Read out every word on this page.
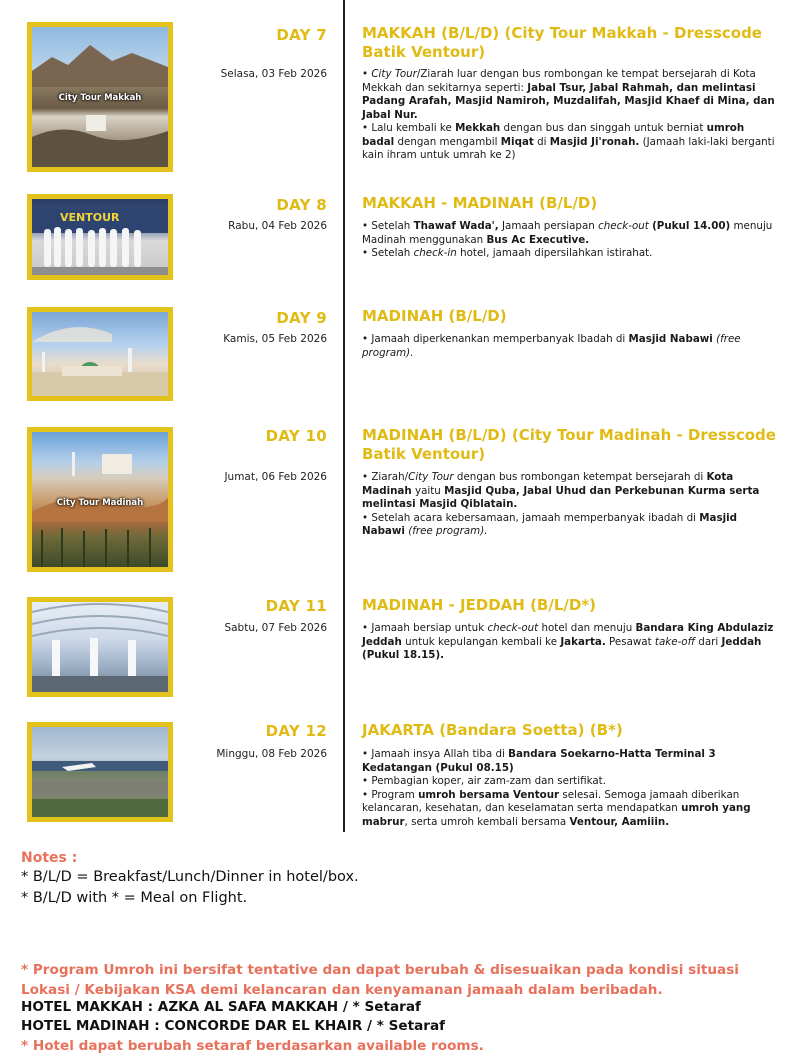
City Tour Makkah
DAY 7
Selasa, 03 Feb 2026
MAKKAH (B/L/D) (City Tour Makkah - Dresscode Batik Ventour)
• City Tour/Ziarah luar dengan bus rombongan ke tempat bersejarah di Kota Mekkah dan sekitarnya seperti: Jabal Tsur, Jabal Rahmah, dan melintasi Padang Arafah, Masjid Namiroh, Muzdalifah, Masjid Khaef di Mina, dan Jabal Nur.
• Lalu kembali ke Mekkah dengan bus dan singgah untuk berniat umroh badal dengan mengambil Miqat di Masjid Ji'ronah. (Jamaah laki-laki berganti kain ihram untuk umrah ke 2)
VENTOUR
DAY 8
Rabu, 04 Feb 2026
MAKKAH - MADINAH (B/L/D)
• Setelah Thawaf Wada', Jamaah persiapan check-out (Pukul 14.00) menuju Madinah menggunakan Bus Ac Executive.
• Setelah check-in hotel, jamaah dipersilahkan istirahat.
DAY 9
Kamis, 05 Feb 2026
MADINAH (B/L/D)
• Jamaah diperkenankan memperbanyak Ibadah di Masjid Nabawi (free program).
City Tour Madinah
DAY 10
Jumat, 06 Feb 2026
MADINAH (B/L/D) (City Tour Madinah - Dresscode Batik Ventour)
• Ziarah/City Tour dengan bus rombongan ketempat bersejarah di Kota Madinah yaitu Masjid Quba, Jabal Uhud dan Perkebunan Kurma serta melintasi Masjid Qiblatain.
• Setelah acara kebersamaan, jamaah memperbanyak ibadah di Masjid Nabawi (free program).
DAY 11
Sabtu, 07 Feb 2026
MADINAH - JEDDAH (B/L/D*)
• Jamaah bersiap untuk check-out hotel dan menuju Bandara King Abdulaziz Jeddah untuk kepulangan kembali ke Jakarta. Pesawat take-off dari Jeddah (Pukul 18.15).
DAY 12
Minggu, 08 Feb 2026
JAKARTA (Bandara Soetta) (B*)
• Jamaah insya Allah tiba di Bandara Soekarno-Hatta Terminal 3 Kedatangan (Pukul 08.15)
• Pembagian koper, air zam-zam dan sertifikat.
• Program umroh bersama Ventour selesai. Semoga jamaah diberikan kelancaran, kesehatan, dan keselamatan serta mendapatkan umroh yang mabrur, serta umroh kembali bersama Ventour, Aamiiin.
Notes :
* B/L/D = Breakfast/Lunch/Dinner in hotel/box.
* B/L/D with * = Meal on Flight.
* Program Umroh ini bersifat tentative dan dapat berubah & disesuaikan pada kondisi situasi Lokasi / Kebijakan KSA demi kelancaran dan kenyamanan jamaah dalam beribadah.
HOTEL MAKKAH : AZKA AL SAFA MAKKAH / * Setaraf
HOTEL MADINAH : CONCORDE DAR EL KHAIR / * Setaraf
* Hotel dapat berubah setaraf berdasarkan available rooms.
